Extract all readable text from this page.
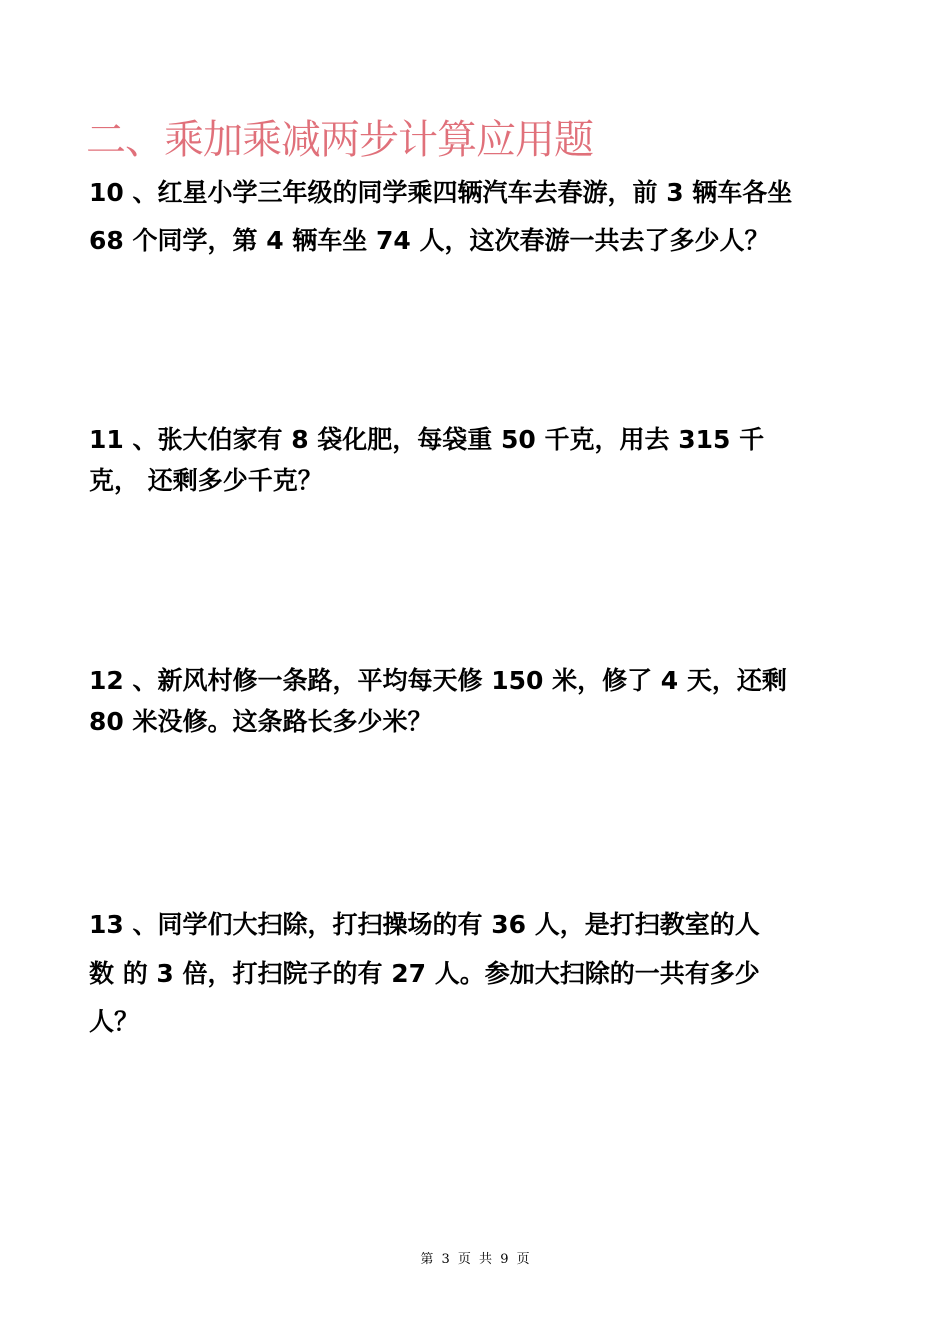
二、乘加乘减两步计算应用题
10 、红星小学三年级的同学乘四辆汽车去春游，前 3 辆车各坐
68 个同学，第 4 辆车坐 74 人，这次春游一共去了多少人？
11 、张大伯家有 8 袋化肥，每袋重 50 千克，用去 315 千
克， 还剩多少千克？
12 、新风村修一条路，平均每天修 150 米，修了 4 天，还剩
80 米没修。这条路长多少米？
13 、同学们大扫除，打扫操场的有 36 人，是打扫教室的人
数 的 3 倍，打扫院子的有 27 人。参加大扫除的一共有多少
人？
第 3 页 共 9 页
